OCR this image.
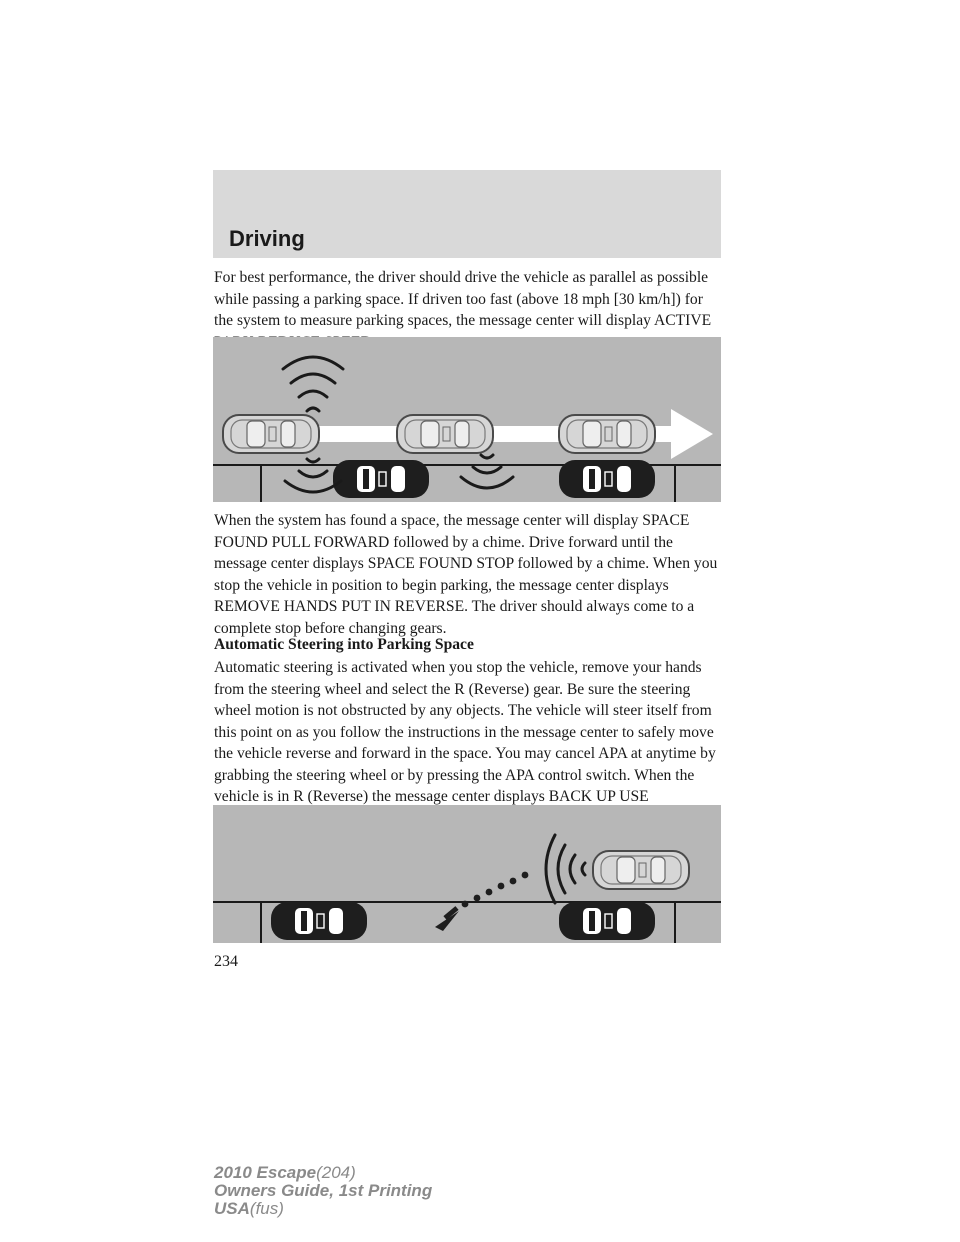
Driving

For best performance, the driver should drive the vehicle as parallel as possible while passing a parking space. If driven too fast (above 18 mph [30 km/h]) for the system to measure parking spaces, the message center will display ACTIVE

When the system has found a space, the message center will display SPACE FOUND PULL FORWARD followed by a chime. Drive forward until the message center displays SPACE FOUND STOP followed by a chime. When you stop the vehicle in position to begin parking, the message center displays REMOVE HANDS PUT IN REVERSE. The driver should always come to a complete stop before changing gears.

Automatic Steering into Parking Space

Automatic steering is activated when you stop the vehicle, remove your hands from the steering wheel and select the R (Reverse) gear. Be sure the steering wheel motion is not obstructed by any objects. The vehicle will steer itself from this point on as you follow the instructions in the message center to safely move the vehicle reverse and forward in the space. You may cancel APA at anytime by grabbing the steering wheel or by pressing the APA control switch. When the vehicle is in R (Reverse) the message center displays BACK UP USE

234
2010 Escape(204)
Owners Guide, 1st Printing
USA(fus)
